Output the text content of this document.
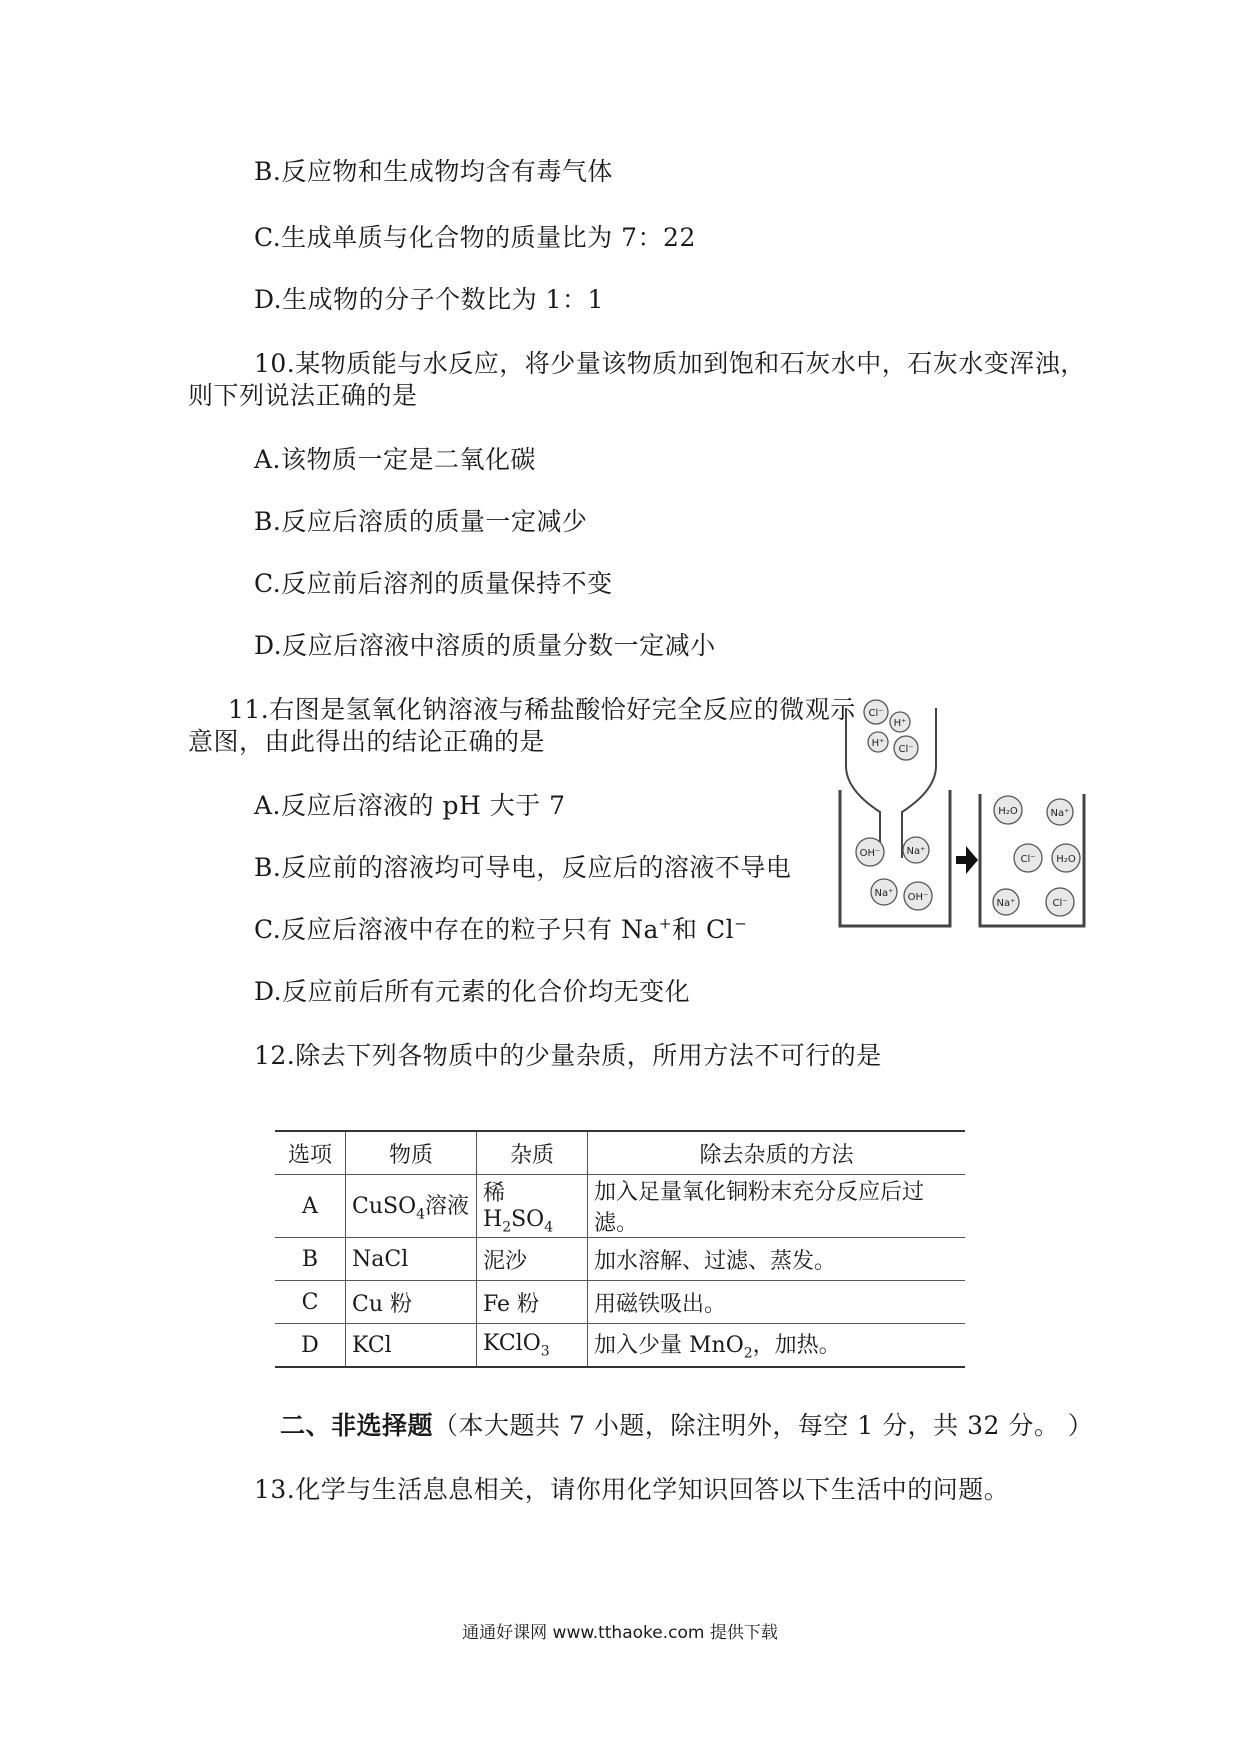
B.反应物和生成物均含有毒气体
C.生成单质与化合物的质量比为 7：22
D.生成物的分子个数比为 1：1
10.某物质能与水反应，将少量该物质加到饱和石灰水中，石灰水变浑浊，
则下列说法正确的是
A.该物质一定是二氧化碳
B.反应后溶质的质量一定减少
C.反应前后溶剂的质量保持不变
D.反应后溶液中溶质的质量分数一定减小
11.右图是氢氧化钠溶液与稀盐酸恰好完全反应的微观示
意图，由此得出的结论正确的是
A.反应后溶液的 pH 大于 7
B.反应前的溶液均可导电，反应后的溶液不导电
C.反应后溶液中存在的粒子只有 Na+和 Cl−
D.反应前后所有元素的化合价均无变化
Cl⁻
H⁺
H⁺
Cl⁻
OH⁻	Na⁺
Na⁺ OH⁻
H₂O	Na⁺
Cl⁻ H₂O
Na⁺	Cl⁻
12.除去下列各物质中的少量杂质，所用方法不可行的是
选项	物质	杂质	除去杂质的方法
A	CuSO$_4$溶液	稀 $H_2SO_4$	加入足量氧化铜粉末充分反应后过滤。
B	NaCl	泥沙	加水溶解、过滤、蒸发。
C	Cu 粉	Fe 粉	用磁铁吸出。
D	KCl	KClO$_3$	加入少量 MnO$_2$，加热。
二、非选择题（本大题共 7 小题，除注明外，每空 1 分，共 32 分。 ）
13.化学与生活息息相关，请你用化学知识回答以下生活中的问题。
通通好课网 www.tthaoke.com 提供下载
